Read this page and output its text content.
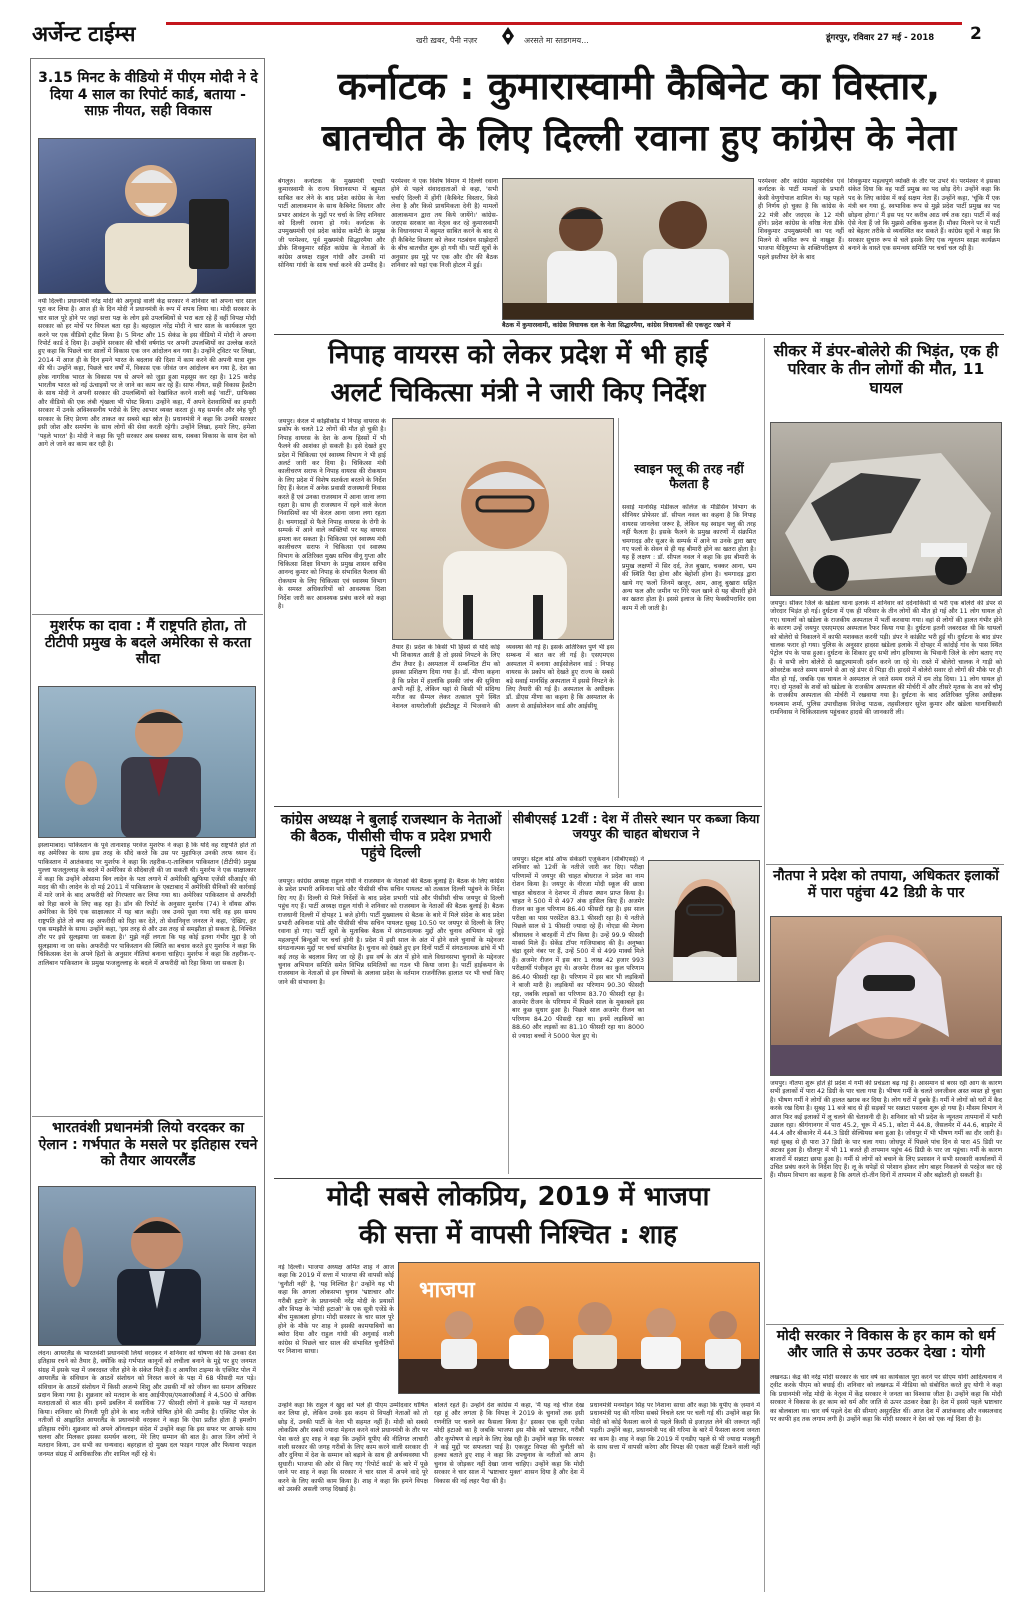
अर्जेन्ट टाईम्स	खरी ख़बर, पैनी नज़र	अरसते मा स्तडगमय...	डूंगरपुर, रविवार 27 मई - 2018 2
3.15 मिनट के वीडियो में पीएम मोदी ने दे दिया 4 साल का रिपोर्ट कार्ड, बताया - साफ़ नीयत, सही विकास
नयी दिल्ली। प्रधानमंत्री नरेंद्र मोदी की अगुवाई वाली केंद्र सरकार ने शनिवार को अपना चार साल पूरा कर लिया है। आज ही के दिन मोदी ने प्रधानमंत्री के रूप में शपथ लिया था। मोदी सरकार के चार साल पूरे होने पर जहां सत्ता पक्ष के लोग इसे उपलब्धियों से भरा बता रहे हैं वहीं विपक्ष मोदी सरकार को हर मोर्चे पर विफल बता रहा है। बहरहाल नरेंद्र मोदी ने चार साल के कार्यकाल पूरा करने पर एक वीडियो ट्वीट किया है। 5 मिनट और 15 सेकंड के इस वीडियो में मोदी ने अपना रिपोर्ट कार्ड दे दिया है। उन्होंने सरकार की चौथी वर्षगांठ पर अपनी उपलब्धियों का उल्लेख करते हुए कहा कि पिछले चार सालों में विकास एक जन आंदोलन बन गया है। उन्होंने ट्विटर पर लिखा, 2014 में आज ही के दिन हमने भारत के बदलाव की दिशा में काम करने की अपनी यात्रा शुरू की थी। उन्होंने कहा, पिछले चार वर्षों में, विकास एक जीवंत जन आंदोलन बन गया है, देश का हरेक नागरिक भारत के विकास पथ से अपने को जुड़ा हुआ महसूस कर रहा है। 125 करोड़ भारतीय भारत को नई ऊंचाइयों पर ले जाने का काम कर रहे हैं। साफ नीयत, सही विकास हैशटैग के साथ मोदी ने अपनी सरकार की उपलब्धियों को रेखांकित करने वाली कई 'वार्टी', ग्राफिक्स और वीडियो की एक लंबी शृंखला भी पोस्ट किया। उन्होंने कहा, मैं अपने देशवासियों का हमारी सरकार में उनके अविश्वसनीय भरोसे के लिए आभार व्यक्त करता हूं। यह समर्थन और स्नेह पूरी सरकार के लिए प्रेरणा और ताकत का सबसे बड़ा स्रोत है। प्रधानमंत्री ने कहा कि उनकी सरकार इसी जोश और समर्पण के साथ लोगों की सेवा करती रहेगी। उन्होंने लिखा, हमारे लिए, हमेशा 'पहले भारत' है। मोदी ने कहा कि पूरी सरकार अब सबका साथ, सबका विकास के साथ देश को आगे ले जाने का काम कर रही है।
मुशर्रफ का दावा : मैं राष्ट्रपति होता, तो टीटीपी प्रमुख के बदले अमेरिका से करता सौदा
इस्लामाबाद। पाकिस्तान के पूर्व तानाशाह परवेज मुशर्रफ ने कहा है कि यदि वह राष्ट्रपति होते तो वह अमेरिका के साथ इस तरह के सौदे करते कि उस पर मुहाफिज़ उनकी तरफ ध्यान दें। पाकिस्तान में आतंकवाद पर मुशर्रफ ने कहा कि तहरीक-ए-तालिबान पाकिस्तान (टीटीपी) प्रमुख मुल्ला फजलुल्लाह के बदले में अमेरिका से सौदेबाज़ी की जा सकती थी। मुशर्रफ ने एक साक्षात्कार में कहा कि उन्होंने ओसामा बिन लादेन के पता लगाने में अमेरिकी खुफिया एजेंसी सीआईए की मदद की थी। लादेन के दो मई 2011 में पाकिस्तान के एबटाबाद में अमेरिकी सैनिकों की कार्रवाई में मारे जाने के बाद अफरीदी को गिरफ्तार कर लिया गया था। अमेरिका पाकिस्तान से अफरीदी को रिहा करने के लिए कह रहा है। डॉन की रिपोर्ट के अनुसार मुशर्रफ (74) ने वॉयस ऑफ अमेरिका के दिये एक साक्षात्कार में यह बात कही। जब उनसे पूछा गया यदि वह इस समय राष्ट्रपति होते तो क्या वह अफरीदी को रिहा कर देते, तो सेवानिवृत्त जनरल ने कहा, 'देखिए, हर एक समझौते के साथ। उन्होंने कहा, 'इस तरह से और उस तरह से समझौता हो सकता है, निश्चित तौर पर इसे सुलझाया जा सकता है।' मुझे नहीं लगता कि यह कोई इतना गंभीर मुद्दा है जो सुलझाया ना जा सके। अफरीदी पर पाकिस्तान की स्थिति का बचाव करते हुए मुशर्रफ ने कहा कि चिकित्सक देश के अपने हितों के अनुसार नीतियां बनाना चाहिए। मुशर्रफ ने कहा कि तहरीक-ए-तालिबान पाकिस्तान के प्रमुख फजलुल्लाह के बदले में अफरीदी को रिहा किया जा सकता है।
भारतवंशी प्रधानमंत्री लियो वरदकर का ऐलान : गर्भपात के मसले पर इतिहास रचने को तैयार आयरलैंड
लंदन। आयरलैंड के भारतवंशी प्रधानमंत्री लियो वरदकर ने शनिवार को घोषणा की कि उनका देश इतिहास रचने को तैयार है, क्योंकि कड़े गर्भपात कानूनों को लचीला बनाने के मुद्दे पर हुए जनमत संग्रह में इसके पक्ष में जबरदस्त जीत होने के संकेत मिले हैं। द आयरिश टाइम्स के एक्जिट पोल में आयरलैंड के संविधान के आठवें संशोधन को निरस्त करने के पक्ष में 68 फीसदी मत पड़े। संविधान के आठवें संशोधन में किसी अजन्मे शिशु और उसकी माँ को जीवन का समान अधिकार प्रदान किया गया है। शुक्रवार को मतदान के बाद आईपीएस/एमआरबीआई ने 4,500 से अधिक मतदाताओं से बात की। इनमें डबलिन में सर्वाधिक 77 फीसदी लोगों ने इसके पक्ष में मतदान किया। शनिवार को गिनती पूरी होने के बाद नतीजे घोषित होने की उम्मीद है। एक्जिट पोल के नतीजों से आह्लादित आयरलैंड के प्रधानमंत्री वरदकर ने कहा कि ऐसा प्रतीत होता है हमलोग इतिहास रचेंगे। शुक्रवार को अपने ऑनलाइन संदेश में उन्होंने कहा कि इस सफर पर आपके साथ चलना और मिलकर इसका समर्थन करना, मेरे लिए सम्मान की बात है। आज जिन लोगों ने मतदान किया, उन सभी का धन्यवाद। बहरहाल दो मुख्य दल फाइन गाएल और फियाना फाइल जनमत संग्रह में आधिकारिक तौर शामिल नहीं रहे थे।
कर्नाटक : कुमारास्वामी कैबिनेट का विस्तार,
बातचीत के लिए दिल्ली रवाना हुए कांग्रेस के नेता
बेंगलुरु। कर्नाटक के मुख्यमंत्री एचडी कुमारस्वामी के राज्य विधानसभा में बहुमत साबित कर लेने के बाद प्रदेश कांग्रेस के नेता पार्टी आलाकमान के साथ कैबिनेट विस्तार और प्रभार आवंटन के मुद्दों पर चर्चा के लिए शनिवार को दिल्ली रवाना हो गये। कर्नाटक के उपमुख्यमंत्री एवं प्रदेश कांग्रेस कमेटी के प्रमुख जी परमेश्वर, पूर्व मुख्यमंत्री सिद्धारमैया और डीके शिवकुमार सहित कांग्रेस के नेताओं के कांग्रेस अध्यक्ष राहुल गांधी और उनकी मां सोनिया गांधी के साथ चर्चा करने की उम्मीद है। परमेश्वर ने एक विशेष विमान में दिल्ली रवाना होने से पहले संवाददाताओं से कहा, 'सभी चर्चाएं दिल्ली में होंगी (कैबिनेट विस्तार, किसे लेना है और किसे प्राथमिकता देनी है) मामलों आलाकमान द्वारा तय किये जायेंगे।' कांग्रेस-जदएस सरकार का नेतृत्व कर रहे कुमारस्वामी के विधानसभा में बहुमत साबित करने के बाद से ही कैबिनेट विस्तार को लेकर गठबंधन साझेदारों के बीच बातचीत शुरू हो गयी थी। पार्टी सूत्रों के अनुसार इस मुद्दे पर एक और दौर की बैठक शनिवार को यहां एक निजी होटल में हुई।
बैठक में कुमारस्वामी, कांग्रेस विधायक दल के नेता सिद्धारमैया, कांग्रेस विधायकों की एकजुट रखने में
परमेश्वर और कांग्रेस महासचिव एवं कर्नाटक के पार्टी मामलों के प्रभारी केसी वेणुगोपाल शामिल थे। यह पहले ही निर्णय हो चुका है कि कांग्रेस के 22 मंत्री और जदएस के 12 मंत्री होंगे। प्रदेश कांग्रेस के वरिष्ठ नेता डीके शिवकुमार उपमुख्यमंत्री का पद नहीं मिलने से कथित रूप से नाखुश हैं। भाजपा येदियुरप्पा के शक्तिपरीक्षण से पहले इस्तीफा देने के बाद
शिवकुमार महत्वपूर्ण व्यक्ति के तौर पर उभरे थे। परमेश्वर ने इसका संकेत दिया कि वह पार्टी प्रमुख का पद छोड़ देंगे। उन्होंने कहा कि पद के लिए कांग्रेस में कई सक्षम नेता हैं। उन्होंने कहा, 'चूंकि मैं एक मंत्री बन गया हूं, स्वभाविक रूप से मुझे प्रदेश पार्टी प्रमुख का पद छोड़ना होगा।' मैं इस पद पर करीब आठ वर्ष तक रहा। पार्टी में कई ऐसे नेता हैं जो कि मुझसे अधिक कुशल हैं। मौका मिलने पर वे पार्टी को बेहतर तरीके से व्यवस्थित कर सकते हैं। कांग्रेस सूत्रों ने कहा कि सरकार सुचारु रूप से चले इसके लिए एक न्यूनतम साझा कार्यक्रम बनाने के वास्ते एक समन्वय समिति पर चर्चा चल रही है।
निपाह वायरस को लेकर प्रदेश में भी हाई
अलर्ट चिकित्सा मंत्री ने जारी किए निर्देश
जयपुर। केरल में कोझीकोड में निपाह वायरस के प्रकोप के चलते 12 लोगों की मौत हो चुकी है। निपाह वायरस के देश के अन्य हिस्सों में भी फैलने की आशंका हो सकती है। इसे देखते हुए प्रदेश में चिकित्सा एवं स्वास्थ्य विभाग ने भी हाई अलर्ट जारी कर दिया है। चिकित्सा मंत्री कालीचरण सराफ ने निपाह वायरस की रोकथाम के लिए प्रदेश में विशेष सतर्कता बरतने के निर्देश दिए हैं। केरल में अनेक प्रवासी राजस्थानी निवास करते हैं एवं उनका राजस्थान में आना जाना लगा रहता है। साथ ही राजस्थान में रहने वाले केरल निवासियों का भी केरल आना जाना लगा रहता है। चमगादड़ों से फैले निपाह वायरस के रोगी के सम्पर्क में आने वाले व्यक्तियों पर यह वायरस हमला कर सकता है। चिकित्सा एवं स्वास्थ्य मंत्री कालीचरण सराफ ने चिकित्सा एवं स्वास्थ्य विभाग के अतिरिक्त मुख्य सचिव वीनू गुप्ता और चिकित्सा शिक्षा विभाग के प्रमुख शासन सचिव आनन्द कुमार को निपाह के संभावित फैलाव की रोकथाम के लिए चिकित्सा एवं स्वास्थ्य विभाग के समस्त अधिकारियों को आवश्यक दिशा निर्देश जारी कर आवश्यक प्रबंध करने को कहा है।
तैयार है। प्रदेश के किसी भी हिस्से से यदि कोई भी शिकायत आती है तो इससे निपटने के लिए टीम तैयार है। अस्पताल में सम्बन्धित टीम को इसका प्रशिक्षण दिया गया है। डॉ. मीणा कहना है कि प्रदेश में हालांकि इसकी जांच की सुविधा अभी नहीं है, लेकिन यहां से किसी भी संदिग्ध मरीज का सैम्पल लेकर तत्काल पुणे स्थित नेशनल वायरोलॉजी इंस्टीट्यूट में भिजवाने की व्यवस्था की गई है। इसके अतिरिक्त पुणे भी इस सम्बन्ध में बात कर ली गई है। एसएमएस अस्पताल में बनाया आईसोलेशन वार्ड : निपाह वायरस के प्रकोप को देखते हुए राज्य के सबसे बड़े सवाई मानसिंह अस्पताल में इससे निपटने के लिए तैयारी की गई है। अस्पताल के अधीक्षक डॉ. डीएस मीणा का कहना है कि अस्पताल के अलग से आईसोलेशन वार्ड और आईसीयू
स्वाइन फ्लू की तरह नहीं फैलता है
सवाई मानसिंह मेडीकल कॉलेज के मेडिसिन विभाग के सीनियर प्रोफेसर डॉ. सीपल नवल का कहना है कि निपाह वायरस जानलेवा जरूर है, लेकिन यह स्वाइन फ्लू की तरह नहीं फैलता है। इसके फैलने के प्रमुख कारणों में संक्रमित चमगादड़ और सूअर के सम्पर्क में आने या उनके द्वारा खाए गए फलों के सेवन से ही यह बीमारी होने का खतरा होता है। यह हैं लक्षण : डॉ. सीपल नवल ने कहा कि इस बीमारी के प्रमुख लक्षणों में सिर दर्द, तेज बुखार, चक्कर आना, भ्रम की स्थिति पैदा होना और बेहोशी होना है। चमगादड़ द्वारा खाये गए फलों जिनमें खजूर, आम, आलू बुखारा सहित अन्य फल और जमीन पर गिरे फल खाने से यह बीमारी होने का खतरा होता है। इससे इलाज के लिए फेक्सीपराविर दवा काम में ली जाती है।
सीकर में डंपर-बोलेरो की भिड़ंत, एक ही परिवार के तीन लोगों की मौत, 11 घायल
जयपुर। सीकर जिले के खंडेला थाना इलाके में शनिवार को दर्दनाकिसी से भरी एक बोलेरो की डंपर से जोरदार भिड़ंत हो गई। दुर्घटना में एक ही परिवार के तीन लोगों की मौत हो गई और 11 लोग घायल हो गए। घायलों को खंडेला के राजकीय अस्पताल में भर्ती करवाया गया। वहां से लोगों की हालत गंभीर होने के कारण उन्हें जयपुर एसएमएस अस्पताल रैफर किया गया है। दुर्घटना इतनी जबरदस्त थी कि घायलों को बोलेरो से निकालने में काफी मशक्कत करनी पड़ी। डंपर ने कांक्रीट भरी हुई थी। दुर्घटना के बाद डंपर चालक फरार हो गया। पुलिस के अनुसार हादसा खंडेला इलाके में दोपहर में कांदोई गांव के पास स्थित पेट्रोल पंप के पास हुआ। दुर्घटना के शिकार हुए सभी लोग हरियाणा के भिवानी जिले के लोग बताए गए हैं। ये सभी लोग बोलेरो से खाटूश्यामजी दर्शन करने जा रहे थे। रास्ते में बोलेरो चालक ने गाड़ी को ओवरटेक करते समय सामने से आ रहे डंपर से भिड़ा दी। हादसे में बोलेरो सवार दो लोगों की मौके पर ही मौत हो गई, जबकि एक घायल ने अस्पताल ले जाते समय रास्ते में दम तोड़ दिया। 11 लोग घायल हो गए। दो मृतकों के शवों को खंडेला के राजकीय अस्पताल की मोर्चरी में और तीसरे मृतक के शव को चौमूं के राजकीय अस्पताल की मोर्चरी में रखवाया गया है। दुर्घटना के बाद अतिरिक्त पुलिस अधीक्षक घनश्याम शर्मा, पुलिस उपाधीक्षक विजेन्द्र पाठक, तहसीलदार सुरेश कुमार और खंडेला थानाधिकारी रामनिवास ने चिकित्सालय पहुंचकर हादसे की जानकारी ली।
नौतपा ने प्रदेश को तपाया, अधिकतर इलाकों में पारा पहुंचा 42 डिग्री के पार
जयपुर। नौतपा शुरू होते ही प्रदेश में गर्मी की प्रचंडता बढ़ गई है। आसमान से बरस रही आग के कारण सभी इलाकों में पारा 42 डिग्री के पार चला गया है। भीषण गर्मी के चलते जनजीवन अस्त व्यस्त हो चुका है। भीषण गर्मी ने लोगों की हालत खराब कर दिया है। लोग घरों में दुबके हैं। गर्मी ने लोगों को घरों में कैद करके रख दिया है। सुबह 11 बजे बाद से ही सड़कों पर सन्नाटा पसरना शुरू हो गया है। मौसम विभाग ने आज फिर कई इलाकों में लू चलने की चेतावनी दी है। शनिवार को भी प्रदेश के न्यूनतम तापमानों में भारी उछाल रहा। श्रीगंगानगर में पारा 45.2, चूरू में 45.1, कोटा में 44.8, जैसलमेर में 44.6, बाड़मेर में 44.4 और बीकानेर में 44.3 डिग्री सेल्सियस बना हुआ है। जोधपुर में भी भीषण गर्मी का दौर जारी है। यहां सुबह से ही पारा 37 डिग्री के पार चला गया। जोधपुर में पिछले पांच दिन से पारा 45 डिग्री पर अटका हुआ है। धौलपुर में भी 11 बजते ही तापमान पहुंच 46 डिग्री के पार जा पहुंचा। गर्मी के कारण बाजारों में सन्नाटा छाया हुआ है। गर्मी से लोगों को बचाने के लिए प्रशासन ने सभी सरकारी कार्यालयों में उचित प्रबंध करने के निर्देश दिए हैं। लू के थपेड़ों से परेशान होकर लोग बाहर निकलने से परहेज कर रहे हैं। मौसम विभाग का कहना है कि अगले दो-तीन दिनों में तापमान में और बढ़ोतरी हो सकती है।
मोदी सरकार ने विकास के हर काम को धर्म और जाति से ऊपर उठकर देखा : योगी
लखनऊ। केंद्र की नरेंद्र मोदी सरकार के चार वर्ष का कार्यकाल पूरा करने पर सीएम योगी आदित्यनाथ ने ट्वीट करके पीएम को बधाई दी। शनिवार को लखनऊ में मीडिया को संबोधित करते हुए योगी ने कहा कि प्रधानमंत्री नरेंद्र मोदी के नेतृत्व में केंद्र सरकार ने जनता का विश्वास जीता है। उन्होंने कहा कि मोदी सरकार ने विकास के हर काम को धर्म और जाति से ऊपर उठकर देखा है। देश में इससे पहले भ्रष्टाचार का बोलबाला था। चार वर्ष पहले देश की सीमाएं असुरक्षित थीं। आज देश में आतंकवाद और नक्सलवाद पर काफी हद तक लगाम लगी है। उन्होंने कहा कि मोदी सरकार ने देश को एक नई दिशा दी है।
कांग्रेस अध्यक्ष ने बुलाई राजस्थान के नेताओं की बैठक, पीसीसी चीफ व प्रदेश प्रभारी पहुंचे दिल्ली
जयपुर। कांग्रेस अध्यक्ष राहुल गांधी ने राजस्थान के नेताओं की बैठक बुलाई है। बैठक के लिए कांग्रेस के प्रदेश प्रभारी अविनाश पांडे और पीसीसी चीफ सचिन पायलट को तत्काल दिल्ली पहुंचने के निर्देश दिए गए हैं। दिल्ली से मिले निर्देशों के बाद प्रदेश प्रभारी पांडे और पीसीसी चीफ जयपुर से दिल्ली पहुंच गए हैं। पार्टी अध्यक्ष राहुल गांधी ने शनिवार को राजस्थान के नेताओं की बैठक बुलाई है। बैठक राजधानी दिल्ली में दोपहर 1 बजे होगी। पार्टी मुख्यालय से बैठक के बारे में मिले संदेश के बाद प्रदेश प्रभारी अविनाश पांडे और पीसीसी चीफ सचिन पायलट सुबह 10.50 पर जयपुर से दिल्ली के लिए रवाना हो गए। पार्टी सूत्रों के मुताबिक बैठक में संगठनात्मक मुद्दों और चुनाव अभियान से जुड़े महत्वपूर्ण बिन्दुओं पर चर्चा होनी है। प्रदेश में इसी साल के अंत में होने वाले चुनावों के मद्देनजर संगठनात्मक मुद्दों पर चर्चा संभावित है। चुनाव को देखते हुए इन दिनों पार्टी में संगठनात्मक ढांचे में भी कई तरह के बदलाव किए जा रहे हैं। इस वर्ष के अंत में होने वाले विधानसभा चुनावों के मद्देनजर चुनाव अभियान समिति समेत विभिन्न समितियों का गठन भी किया जाना है। पार्टी हाईकमान के राजस्थान के नेताओं से इन विषयों के अलावा प्रदेश के वर्तमान राजनीतिक हालात पर भी चर्चा किए जाने की संभावना है।
सीबीएसई 12वीं : देश में तीसरे स्थान पर कब्जा किया जयपुर की चाहत बोधराज ने
जयपुर। सेंट्रल बोर्ड ऑफ सेकेंडरी एजुकेशन (सीबीएसई) ने शनिवार को 12वीं के नतीजे जारी कर दिए। परीक्षा परिणामों में जयपुर की चाहत बोधराज ने प्रदेश का नाम रोशन किया है। जयपुर के नीरजा मोदी स्कूल की छात्रा चाहत बोधराज ने देशभर में तीसरा स्थान प्राप्त किया है। चाहत ने 500 में से 497 अंक हासिल किए हैं। अजमेर रीजन का कुल परिणाम 86.40 फीसदी रहा है। इस साल परीक्षा का पास परसेंटेज 83.1 फीसदी रहा है। ये नतीजे पिछले साल से 1 फीसदी ज्यादा रहे हैं। नोएडा की मेघना श्रीवास्तव ने बारहवीं में टॉप किया है। उन्हें 99.9 फीसदी मार्क्स मिले हैं। सेकेंड टॉपर गाजियाबाद की है। अनुष्का चंद्रा दूसरे नंबर पर हैं, उन्हें 500 में से 499 मार्क्स मिले हैं। अजमेर रीजन में इस बार 1 लाख 42 हजार 993 परीक्षार्थी पंजीकृत हुए थे। अजमेर रीजन का कुल परिणाम 86.40 फीसदी रहा है। परिणाम में इस बार भी लड़कियों ने बाजी मारी है। लड़कियों का परिणाम 90.30 फीसदी रहा, जबकि लड़कों का परिणाम 83.70 फीसदी रहा है। अजमेर रीजन के परिणाम में पिछले साल के मुकाबले इस बार कुछ सुधार हुआ है। पिछले साल अजमेर रीजन का परिणाम 84.20 फीसदी रहा था। इनमें लड़कियों का 88.60 और लड़कों का 81.10 फीसदी रहा था। 8000 से ज्यादा बच्चों ने 5000 फेल हुए थे।
मोदी सबसे लोकप्रिय, 2019 में भाजपा
की सत्ता में वापसी निश्चित : शाह
नई दिल्ली। भाजपा अध्यक्ष अमित शाह ने आज कहा कि 2019 में सत्ता में भाजपा की वापसी कोई 'चुनौती नहीं' है, 'यह निश्चित है।' उन्होंने यह भी कहा कि अगला लोकसभा चुनाव 'भ्रष्टाचार और गरीबी हटाने' के प्रधानमंत्री नरेंद्र मोदी के प्रयासों और विपक्ष के 'मोदी हटाओ' के एक सूत्री एजेंडे के बीच मुकाबला होगा। मोदी सरकार के चार साल पूरे होने के मौके पर शाह ने इसकी कामयाबियों का ब्योरा दिया और राहुल गांधी की अगुवाई वाली कांग्रेस से पिछले चार साल की संभावित चुनौतियों पर निशाना साधा।
भाजपा
उन्होंने कहा कि राहुल ने खुद को भले ही पीएम उम्मीदवार घोषित कर लिया हो, लेकिन उनके इस कदम से विपक्षी नेताओं को तो छोड़ दें, उनकी पार्टी के नेता भी सहमत नहीं हैं। मोदी को सबसे लोकप्रिय और सबसे ज्यादा मेहनत करने वाले प्रधानमंत्री के तौर पर पेश करते हुए शाह ने कहा कि उन्होंने यूपीए की नीतिगत लाचारी वाली सरकार की जगह गरीबों के लिए काम करने वाली सरकार दी और दुनिया में देश के सम्मान को बढ़ाने के साथ ही अर्थव्यवस्था भी सुधारी। भाजपा की ओर से किए गए 'रिपोर्ट कार्ड' के बारे में पूछे जाने पर शाह ने कहा कि सरकार ने चार साल में अपने वादे पूरे करने के लिए काफी काम किया है। शाह ने कहा कि हमने विपक्ष को उसकी असली जगह दिखाई है।
बोलते रहते हैं। उन्होंने देश कांग्रेस में कहा, 'मैं यह नई चीज देख रहा हूं और लगता है कि विपक्ष ने 2019 के चुनावों तक इसी रणनीति पर चलने का फैसला किया है।' इसका एक सूत्री एजेंडा मोदी हटाओ का है जबकि भाजपा इस मौके को भ्रष्टाचार, गरीबी और कुपोषण से लड़ने के लिए देख रही है। उन्होंने कहा कि सरकार ने कई मुद्दों पर सफलता पाई है। एकजुट विपक्ष की चुनौती को हल्का बताते हुए शाह ने कहा कि उपचुनाव के नतीजों को आम चुनाव से जोड़कर नहीं देखा जाना चाहिए। उन्होंने कहा कि मोदी सरकार ने चार साल में 'भ्रष्टाचार मुक्त' शासन दिया है और देश में विकास की नई लहर पैदा की है।
प्रधानमंत्री मनमोहन सिंह पर निशाना साधा और कहा कि यूपीए के ज़माने में प्रधानमंत्री पद की गरिमा सबसे निचले स्तर पर चली गई थी। उन्होंने कहा कि मोदी को कोई फैसला करने से पहले किसी से इजाज़त लेने की जरूरत नहीं पड़ती। उन्होंने कहा, प्रधानमंत्री पद की गरिमा के बारे में फैसला करना जनता का काम है। शाह ने कहा कि 2019 में एनडीए पहले से भी ज्यादा मजबूती के साथ सत्ता में वापसी करेगा और विपक्ष की एकता कहीं टिकने वाली नहीं है।
